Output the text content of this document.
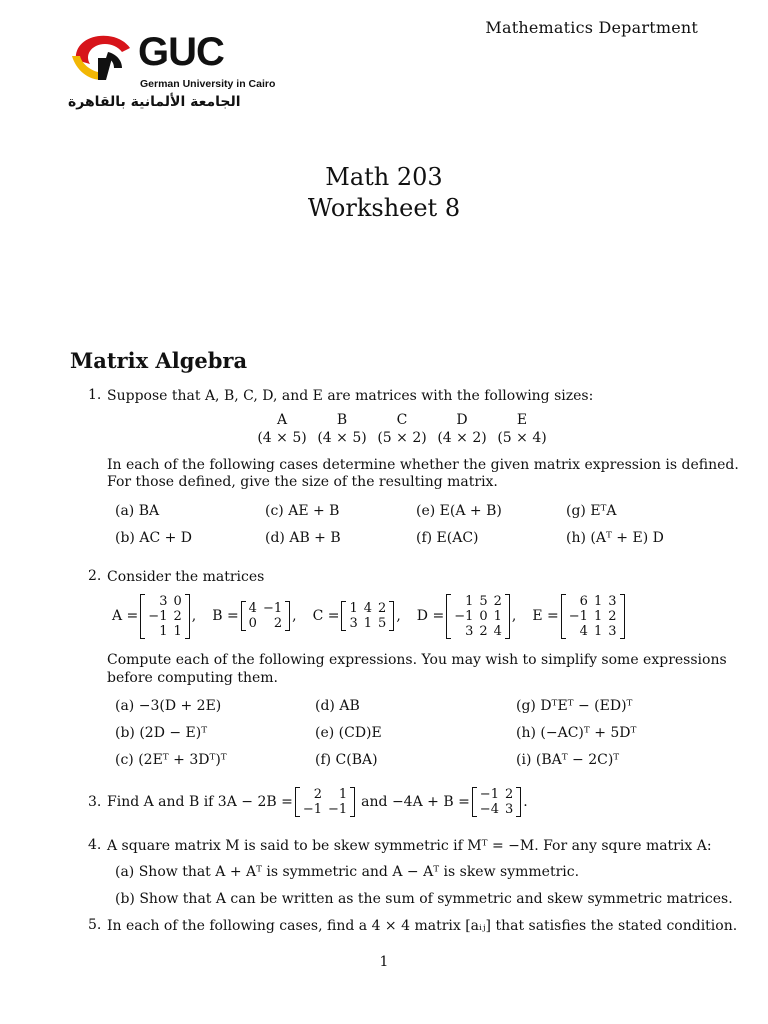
Mathematics Department
GUC
German University in Cairo
الجامعة الألمانية بالقاهرة
Math 203
Worksheet 8
Matrix Algebra
1. Suppose that A, B, C, D, and E are matrices with the following sizes:
A	B	C	D	E
(4 × 5) (4 × 5) (5 × 2) (4 × 2) (5 × 4)
In each of the following cases determine whether the given matrix expression is defined.
For those defined, give the size of the resulting matrix.
(a) BA	(c) AE + B	(e) E(A + B)	(g) EᵀA
(b) AC + D	(d) AB + B	(f) E(AC)	(h) (Aᵀ + E) D
2. Consider the matrices
A =
3	0
−1	2
1	1
, B = 4	−1
0	2 , C = 1	4	2
3	1	5 , D =
1	5	2
−1	0	1
3	2	4
, E =
6	1	3
−1	1	2
4	1	3
Compute each of the following expressions. You may wish to simplify some expressions
before computing them.
(a) −3(D + 2E)	(d) AB	(g) DᵀEᵀ − (ED)ᵀ
(b) (2D − E)ᵀ	(e) (CD)E	(h) (−AC)ᵀ + 5Dᵀ
(c) (2Eᵀ + 3Dᵀ)ᵀ	(f) C(BA)	(i) (BAᵀ − 2C)ᵀ
3. Find A and B if 3A − 2B = 2	1
−1	−1 and −4A + B = −1	2
−4	3 .
4. A square matrix M is said to be skew symmetric if Mᵀ = −M. For any squre matrix A:
(a) Show that A + Aᵀ is symmetric and A − Aᵀ is skew symmetric.
(b) Show that A can be written as the sum of symmetric and skew symmetric matrices.
5. In each of the following cases, find a 4 × 4 matrix [aᵢⱼ] that satisfies the stated condition.
1
